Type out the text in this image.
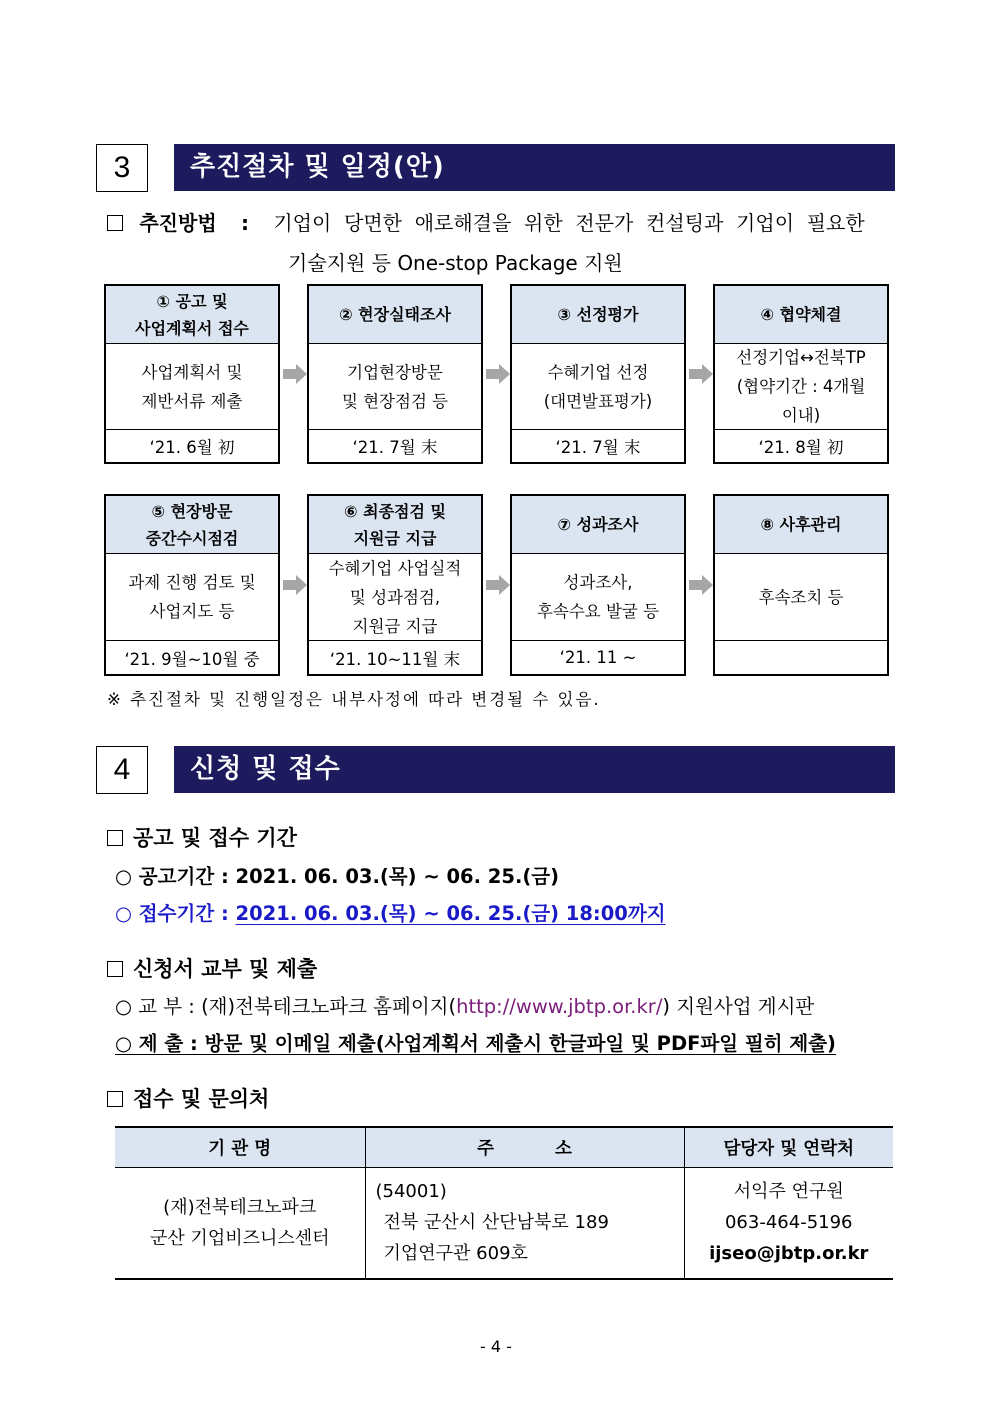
3	추진절차 및 일정(안)
추진방법 : 기업이  당면한  애로해결을  위한  전문가  컨설팅과  기업이  필요한
기술지원 등 One-stop Package 지원
① 공고 및
사업계획서 접수
사업계획서 및
제반서류 제출
‘21. 6월 初
② 현장실태조사
기업현장방문
및 현장점검 등
‘21. 7월 末
③ 선정평가
수혜기업 선정
(대면발표평가)
‘21. 7월 末
④ 협약체결
선정기업↔전북TP
(협약기간 : 4개월
이내)
‘21. 8월 初
⑤ 현장방문
중간수시점검
과제 진행 검토 및
사업지도 등
‘21. 9월~10월 중
⑥ 최종점검 및
지원금 지급
수혜기업 사업실적
및 성과점검,
지원금 지급
‘21. 10~11월 末
⑦ 성과조사
성과조사,
후속수요 발굴 등
‘21. 11 ~
⑧ 사후관리
후속조치 등
※ 추진절차 및 진행일정은 내부사정에 따라 변경될 수 있음.
4	신청 및 접수
공고 및 접수 기간
○ 공고기간 : 2021. 06. 03.(목) ~ 06. 25.(금)
○ 접수기간 : 2021. 06. 03.(목) ~ 06. 25.(금) 18:00까지
신청서 교부 및 제출
○ 교 부 : (재)전북테크노파크 홈페이지(http://www.jbtp.or.kr/) 지원사업 게시판
○ 제 출 : 방문 및 이메일 제출(사업계획서 제출시 한글파일 및 PDF파일 필히 제출)
접수 및 문의처
기 관 명	주          소	담당자 및 연락처

(재)전북테크노파크
군산 기업비즈니스센터

(54001)
전북 군산시 산단남북로 189
기업연구관 609호

서익주 연구원
063-464-5196
ijseo@jbtp.or.kr
- 4 -
